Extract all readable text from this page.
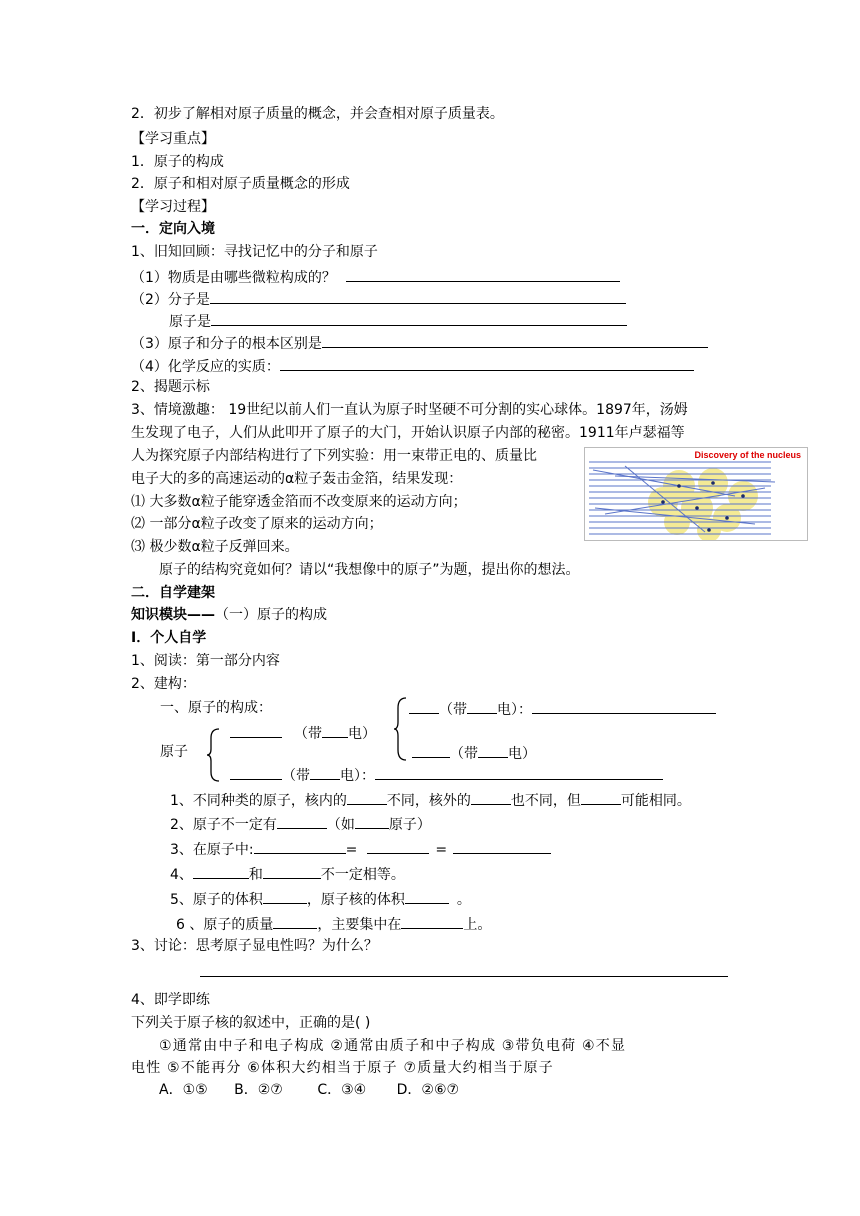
2．初步了解相对原子质量的概念，并会查相对原子质量表。
【学习重点】
1．原子的构成
2．原子和相对原子质量概念的形成
【学习过程】
一．定向入境
1、旧知回顾：寻找记忆中的分子和原子
（1）物质是由哪些微粒构成的？
（2）分子是
原子是
（3）原子和分子的根本区别是
（4）化学反应的实质：
2、揭题示标
3、情境激趣： 19世纪以前人们一直认为原子时坚硬不可分割的实心球体。1897年，汤姆
生发现了电子，人们从此叩开了原子的大门，开始认识原子内部的秘密。1911年卢瑟福等
人为探究原子内部结构进行了下列实验：用一束带正电的、质量比
电子大的多的高速运动的α粒子轰击金箔，结果发现：
⑴ 大多数α粒子能穿透金箔而不改变原来的运动方向；
⑵ 一部分α粒子改变了原来的运动方向；
⑶ 极少数α粒子反弹回来。
原子的结构究竟如何？请以“我想像中的原子”为题，提出你的想法。
Discovery of the nucleus
二．自学建架
知识模块——（一）原子的构成
Ⅰ．个人自学
1、阅读：第一部分内容
2、建构：
一、原子的构成：	（带 电）：
（带 电）
原子	（带 电）
（带 电）：
1、不同种类的原子，核内的	不同，核外的	也不同，但	可能相同。
2、原子不一定有	（如 原子）
3、在原子中:	=	=
4、	和	不一定相等。
5、原子的体积	，原子核的体积	。
6 、原子的质量	，主要集中在	上。
3、讨论：思考原子显电性吗？为什么？
4、即学即练
下列关于原子核的叙述中，正确的是( )
①通常由中子和电子构成 ②通常由质子和中子构成 ③带负电荷 ④不显
电性 ⑤不能再分 ⑥体积大约相当于原子 ⑦质量大约相当于原子
A．①⑤ B．②⑦ C．③④ D．②⑥⑦
